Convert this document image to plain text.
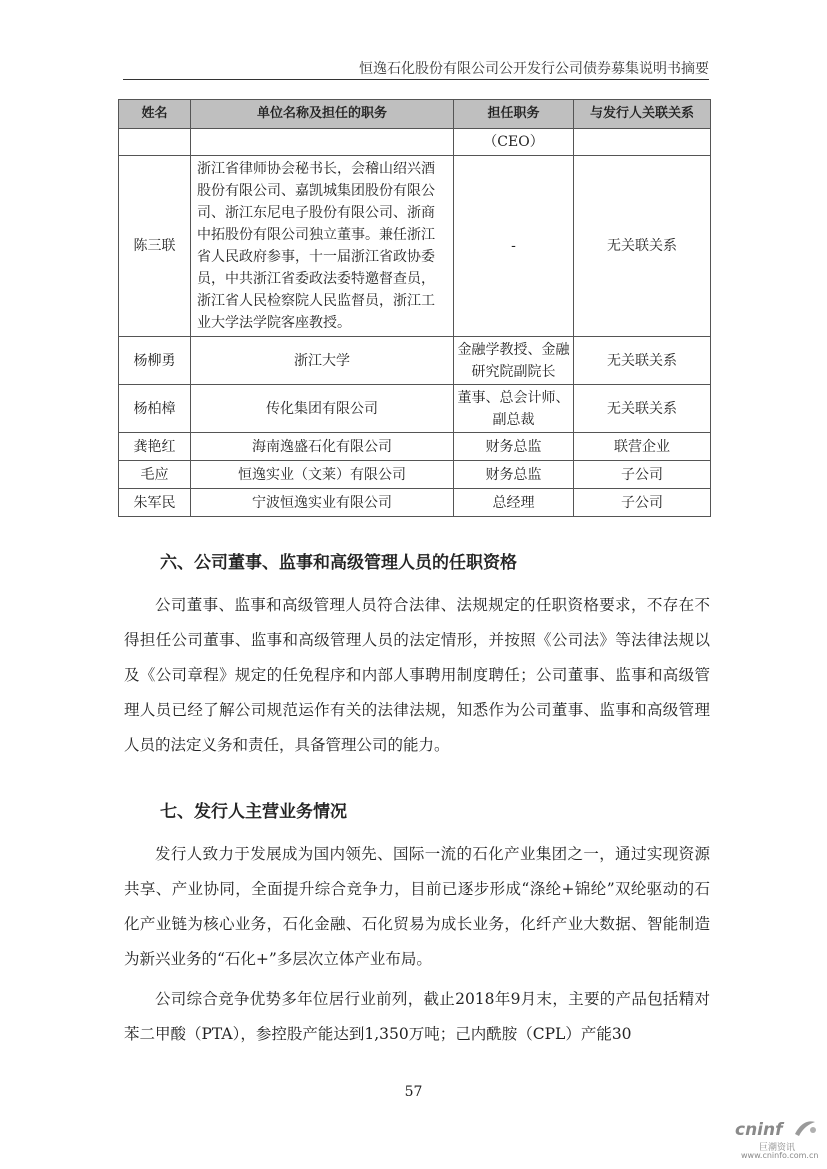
恒逸石化股份有限公司公开发行公司债券募集说明书摘要
姓名	单位名称及担任的职务	担任职务	与发行人关联关系
		（CEO）	
陈三联	浙江省律师协会秘书长，会稽山绍兴酒股份有限公司、嘉凯城集团股份有限公司、浙江东尼电子股份有限公司、浙商中拓股份有限公司独立董事。兼任浙江省人民政府参事，十一届浙江省政协委员，中共浙江省委政法委特邀督查员，浙江省人民检察院人民监督员，浙江工业大学法学院客座教授。	-	无关联关系
杨柳勇	浙江大学	金融学教授、金融研究院副院长	无关联关系
杨柏樟	传化集团有限公司	董事、总会计师、副总裁	无关联关系
龚艳红	海南逸盛石化有限公司	财务总监	联营企业
毛应	恒逸实业（文莱）有限公司	财务总监	子公司
朱军民	宁波恒逸实业有限公司	总经理	子公司
六、公司董事、监事和高级管理人员的任职资格

公司董事、监事和高级管理人员符合法律、法规规定的任职资格要求，不存在不得担任公司董事、监事和高级管理人员的法定情形，并按照《公司法》等法律法规以及《公司章程》规定的任免程序和内部人事聘用制度聘任；公司董事、监事和高级管理人员已经了解公司规范运作有关的法律法规，知悉作为公司董事、监事和高级管理人员的法定义务和责任，具备管理公司的能力。

七、发行人主营业务情况

发行人致力于发展成为国内领先、国际一流的石化产业集团之一，通过实现资源共享、产业协同，全面提升综合竞争力，目前已逐步形成“涤纶+锦纶”双纶驱动的石化产业链为核心业务，石化金融、石化贸易为成长业务，化纤产业大数据、智能制造为新兴业务的“石化+”多层次立体产业布局。

公司综合竞争优势多年位居行业前列，截止2018年9月末，主要的产品包括精对苯二甲酸（PTA），参控股产能达到1,350万吨；己内酰胺（CPL）产能30

57
cninf
巨潮资讯
www.cninfo.com.cn
